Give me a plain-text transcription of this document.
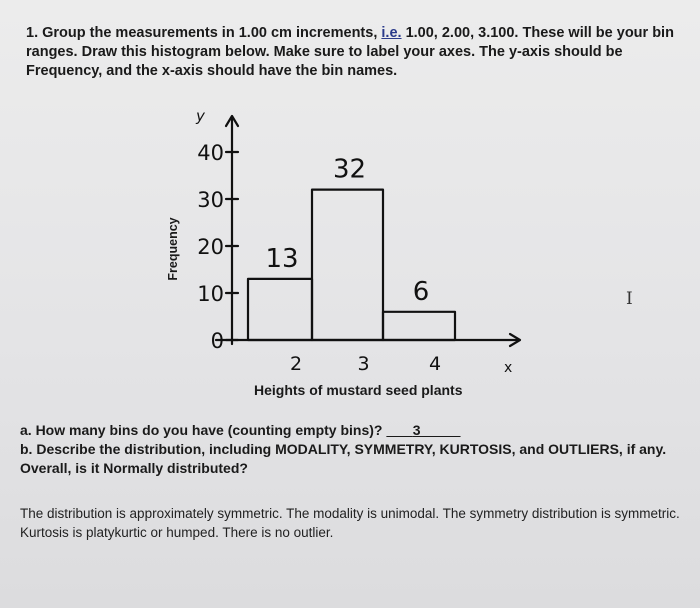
1. Group the measurements in 1.00 cm increments, i.e. 1.00, 2.00, 3.100. These will be your bin ranges. Draw this histogram below. Make sure to label your axes. The y-axis should be Frequency, and the x-axis should have the bin names.
Frequency
y
x
0
10
20
30
40
13
32
6
2	3	4
I
Heights of mustard seed plants
a. How many bins do you have (counting empty bins)? 3
b. Describe the distribution, including MODALITY, SYMMETRY, KURTOSIS, and OUTLIERS, if any. Overall, is it Normally distributed?
The distribution is approximately symmetric. The modality is unimodal. The symmetry distribution is symmetric. Kurtosis is platykurtic or humped. There is no outlier.
